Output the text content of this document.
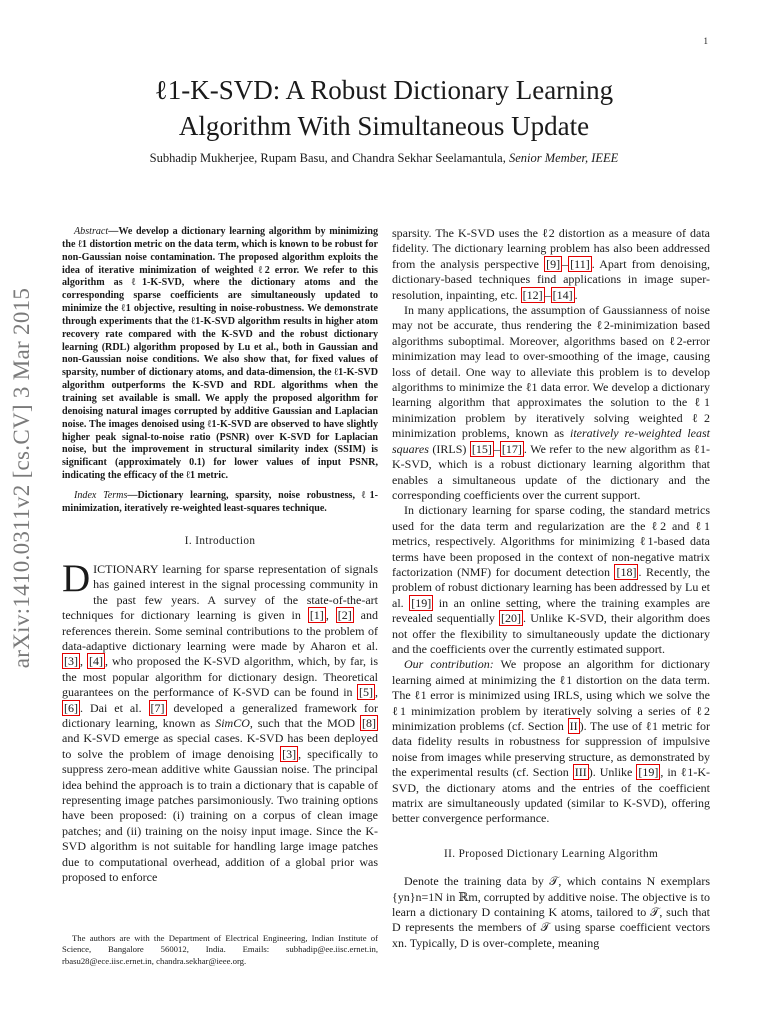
1
arXiv:1410.0311v2 [cs.CV] 3 Mar 2015
ℓ1-K-SVD: A Robust Dictionary Learning
Algorithm With Simultaneous Update
Subhadip Mukherjee, Rupam Basu, and Chandra Sekhar Seelamantula, Senior Member, IEEE

Abstract—We develop a dictionary learning algorithm by minimizing the ℓ1 distortion metric on the data term, which is known to be robust for non-Gaussian noise contamination. The proposed algorithm exploits the idea of iterative minimization of weighted ℓ2 error. We refer to this algorithm as ℓ1-K-SVD, where the dictionary atoms and the corresponding sparse coefficients are simultaneously updated to minimize the ℓ1 objective, resulting in noise-robustness. We demonstrate through experiments that the ℓ1-K-SVD algorithm results in higher atom recovery rate compared with the K-SVD and the robust dictionary learning (RDL) algorithm proposed by Lu et al., both in Gaussian and non-Gaussian noise conditions. We also show that, for fixed values of sparsity, number of dictionary atoms, and data-dimension, the ℓ1-K-SVD algorithm outperforms the K-SVD and RDL algorithms when the training set available is small. We apply the proposed algorithm for denoising natural images corrupted by additive Gaussian and Laplacian noise. The images denoised using ℓ1-K-SVD are observed to have slightly higher peak signal-to-noise ratio (PSNR) over K-SVD for Laplacian noise, but the improvement in structural similarity index (SSIM) is significant (approximately 0.1) for lower values of input PSNR, indicating the efficacy of the ℓ1 metric.

Index Terms—Dictionary learning, sparsity, noise robustness, ℓ1-minimization, iteratively re-weighted least-squares technique.

I. Introduction

DICTIONARY learning for sparse representation of signals has gained interest in the signal processing community in the past few years. A survey of the state-of-the-art techniques for dictionary learning is given in [1] , [2] and references therein. Some seminal contributions to the problem of data-adaptive dictionary learning were made by Aharon et al. [3] , [4] , who proposed the K-SVD algorithm, which, by far, is the most popular algorithm for dictionary design. Theoretical guarantees on the performance of K-SVD can be found in [5] , [6] . Dai et al. [7] developed a generalized framework for dictionary learning, known as SimCO, such that the MOD [8] and K-SVD emerge as special cases. K-SVD has been deployed to solve the problem of image denoising [3] , specifically to suppress zero-mean additive white Gaussian noise. The principal idea behind the approach is to train a dictionary that is capable of representing image patches parsimoniously. Two training options have been proposed: (i) training on a corpus of clean image patches; and (ii) training on the noisy input image. Since the K-SVD algorithm is not suitable for handling large image patches due to computational overhead, addition of a global prior was proposed to enforce

The authors are with the Department of Electrical Engineering, Indian Institute of Science, Bangalore 560012, India. Emails: subhadip@ee.iisc.ernet.in, rbasu28@ece.iisc.ernet.in, chandra.sekhar@ieee.org.

sparsity. The K-SVD uses the ℓ2 distortion as a measure of data fidelity. The dictionary learning problem has also been addressed from the analysis perspective [9] – [11] . Apart from denoising, dictionary-based techniques find applications in image super-resolution, inpainting, etc. [12] – [14] .

In many applications, the assumption of Gaussianness of noise may not be accurate, thus rendering the ℓ2-minimization based algorithms suboptimal. Moreover, algorithms based on ℓ2-error minimization may lead to over-smoothing of the image, causing loss of detail. One way to alleviate this problem is to develop algorithms to minimize the ℓ1 data error. We develop a dictionary learning algorithm that approximates the solution to the ℓ1 minimization problem by iteratively solving weighted ℓ2 minimization problems, known as iteratively re-weighted least squares (IRLS) [15] – [17] . We refer to the new algorithm as ℓ1-K-SVD, which is a robust dictionary learning algorithm that enables a simultaneous update of the dictionary and the corresponding coefficients over the current support.

In dictionary learning for sparse coding, the standard metrics used for the data term and regularization are the ℓ2 and ℓ1 metrics, respectively. Algorithms for minimizing ℓ1-based data terms have been proposed in the context of non-negative matrix factorization (NMF) for document detection [18] . Recently, the problem of robust dictionary learning has been addressed by Lu et al. [19] in an online setting, where the training examples are revealed sequentially [20] . Unlike K-SVD, their algorithm does not offer the flexibility to simultaneously update the dictionary and the coefficients over the currently estimated support.

Our contribution: We propose an algorithm for dictionary learning aimed at minimizing the ℓ1 distortion on the data term. The ℓ1 error is minimized using IRLS, using which we solve the ℓ1 minimization problem by iteratively solving a series of ℓ2 minimization problems (cf. Section II ). The use of ℓ1 metric for data fidelity results in robustness for suppression of impulsive noise from images while preserving structure, as demonstrated by the experimental results (cf. Section III ). Unlike [19] , in ℓ1-K-SVD, the dictionary atoms and the entries of the coefficient matrix are simultaneously updated (similar to K-SVD), offering better convergence performance.

II. Proposed Dictionary Learning Algorithm

Denote the training data by 𝒯, which contains N exemplars {yn}n=1N in ℝm, corrupted by additive noise. The objective is to learn a dictionary D containing K atoms, tailored to 𝒯, such that D represents the members of 𝒯 using sparse coefficient vectors xn. Typically, D is over-complete, meaning
